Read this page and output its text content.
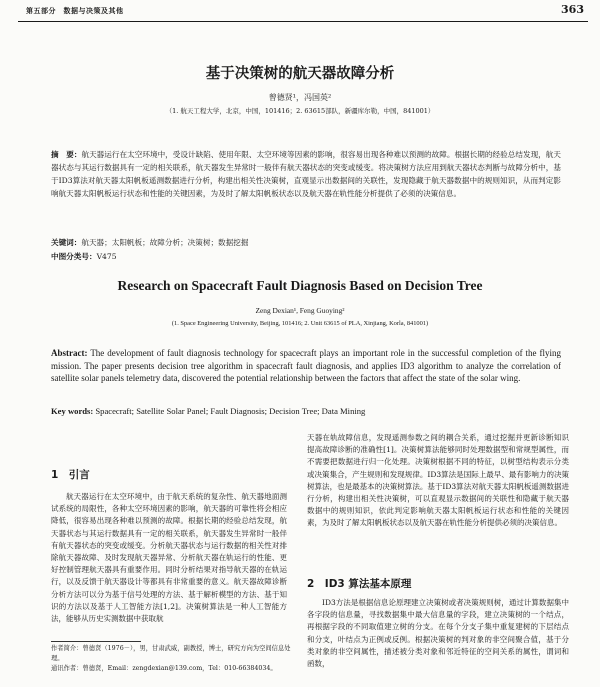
第五部分　数据与决策及其他	363
基于决策树的航天器故障分析
曾德贤¹，冯国英²
（1. 航天工程大学，北京，中国，101416；2. 63615部队，新疆库尔勒，中国，841001）
摘　要：航天器运行在太空环境中，受设计缺陷、使用年限、太空环境等因素的影响，很容易出现各种难以预测的故障。根据长期的经验总结发现，航天器状态与其运行数据具有一定的相关联系，航天器发生异常时一般伴有航天器状态的突变或缓变。将决策树方法应用到航天器状态判断与故障分析中，基于ID3算法对航天器太阳帆板遥测数据进行分析，构建出相关性决策树，直观显示出数据间的关联性，发现隐藏于航天器数据中的规则知识，从而判定影响航天器太阳帆板运行状态和性能的关键因素，为及时了解太阳帆板状态以及航天器在轨性能分析提供了必须的决策信息。
关键词：航天器；太阳帆板；故障分析；决策树；数据挖掘
中图分类号：V475
Research on Spacecraft Fault Diagnosis Based on Decision Tree
Zeng Dexian¹, Feng Guoying²
(1. Space Engineering University, Beijing, 101416; 2. Unit 63615 of PLA, Xinjiang, Korla, 841001)
Abstract: The development of fault diagnosis technology for spacecraft plays an important role in the successful completion of the flying mission. The paper presents decision tree algorithm in spacecraft fault diagnosis, and applies ID3 algorithm to analyze the correlation of satellite solar panels telemetry data, discovered the potential relationship between the factors that affect the state of the solar wing.
Key words: Spacecraft; Satellite Solar Panel; Fault Diagnosis; Decision Tree; Data Mining
天器在轨故障信息，发现遥测参数之间的耦合关系，通过挖掘并更新诊断知识提高故障诊断的准确性[1]。决策树算法能够同时处理数据型和常规型属性，而不需要把数据进行归一化处理。决策树根据不同的特征，以树型结构表示分类或决策集合，产生规则和发现规律。ID3算法是国际上最早、最有影响力的决策树算法，也是最基本的决策树算法。基于ID3算法对航天器太阳帆板遥测数据进行分析，构建出相关性决策树，可以直观显示数据间的关联性和隐藏于航天器数据中的规则知识，依此判定影响航天器太阳帆板运行状态和性能的关键因素，为及时了解太阳帆板状态以及航天器在轨性能分析提供必须的决策信息。
1　引言
航天器运行在太空环境中，由于航天系统的复杂性、航天器地面测试系统的局限性，各种太空环境因素的影响，航天器的可靠性将会相应降低，很容易出现各种难以预测的故障。根据长期的经验总结发现，航天器状态与其运行数据具有一定的相关联系，航天器发生异常时一般伴有航天器状态的突变或缓变。分析航天器状态与运行数据的相关性对排除航天器故障、及时发现航天器异常、分析航天器在轨运行的性能、更好控制管理航天器具有重要作用。同时分析结果对指导航天器的在轨运行，以及反馈于航天器设计等都具有非常重要的意义。航天器故障诊断分析方法可以分为基于信号处理的方法、基于解析模型的方法、基于知识的方法以及基于人工智能方法[1,2]。决策树算法是一种人工智能方法，能够从历史实测数据中获取航
2　ID3 算法基本原理
ID3方法是根据信息论原理建立决策树或者决策规则树，通过计算数据集中各字段的信息量，寻找数据集中最大信息量的字段，建立决策树的一个结点，再根据字段的不同取值建立树的分支。在每个分支子集中重复建树的下层结点和分支，叶结点为正例或反例。根据决策树的判对象的非空间聚合值，基于分类对象的非空间属性，描述被分类对象和邻近特征的空间关系的属性，谓词和函数，
作者简介：曾德贤（1976－），男，甘肃武威，副教授，博士，研究方向为空间信息处理。
通讯作者：曾德贤，Email：zengdexian@139.com，Tel：010-66384034。
